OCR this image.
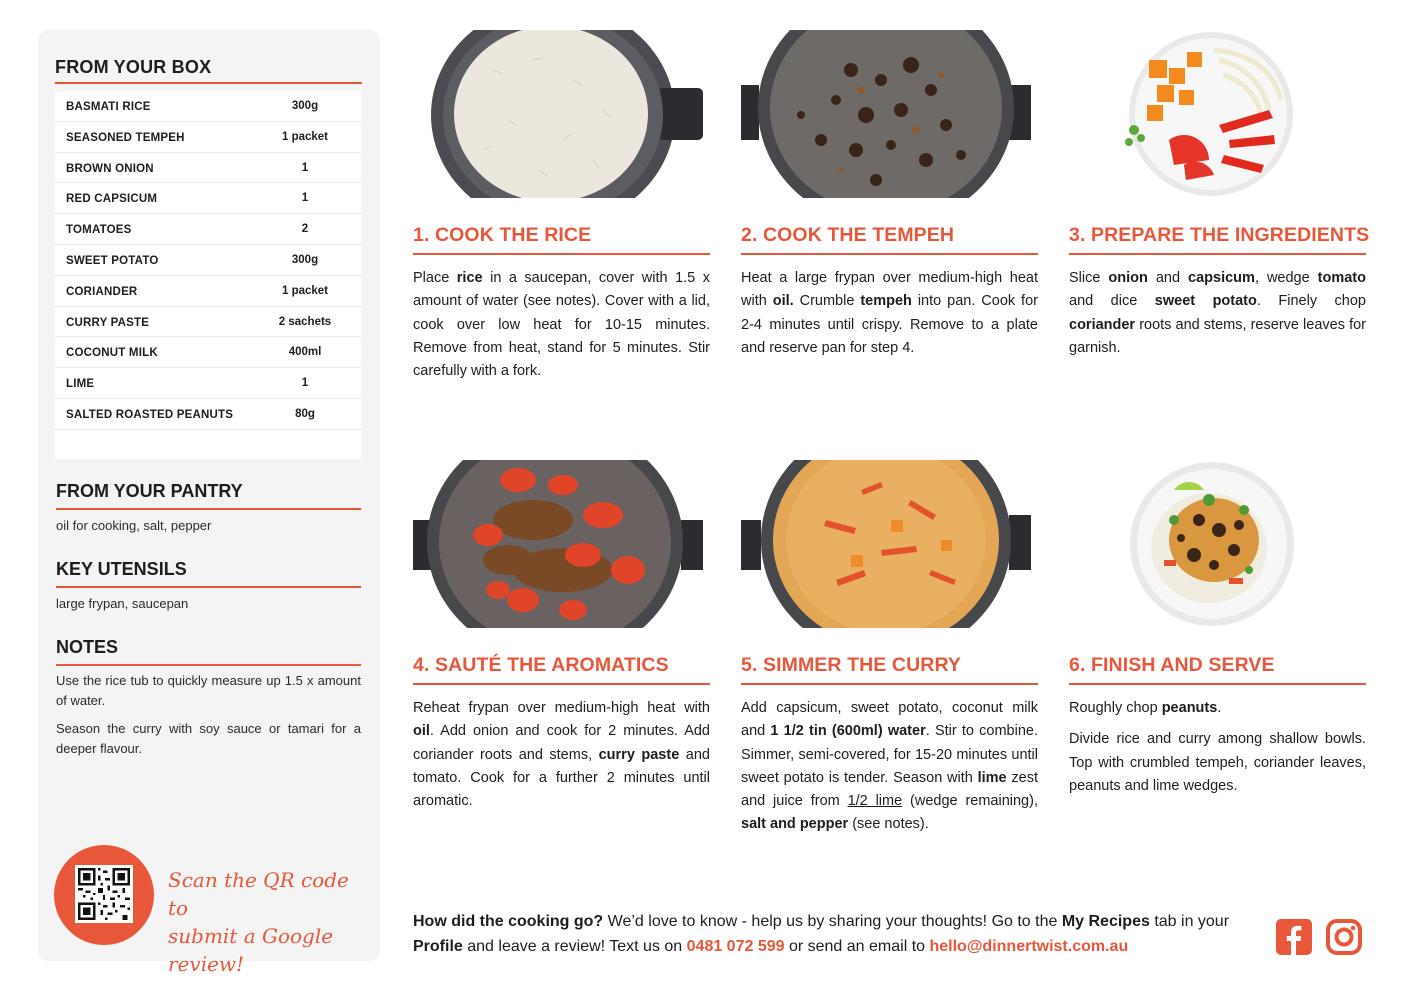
FROM YOUR BOX
BASMATI RICE	300g
SEASONED TEMPEH	1 packet
BROWN ONION	1
RED CAPSICUM	1
TOMATOES	2
SWEET POTATO	300g
CORIANDER	1 packet
CURRY PASTE	2 sachets
COCONUT MILK	400ml
LIME	1
SALTED ROASTED PEANUTS	80g
FROM YOUR PANTRY
oil for cooking, salt, pepper
KEY UTENSILS
large frypan, saucepan
NOTES
Use the rice tub to quickly measure up 1.5 x amount of water.
Season the curry with soy sauce or tamari for a deeper flavour.
Scan the QR code to
submit a Google review!
1. COOK THE RICE

Place rice in a saucepan, cover with 1.5 x amount of water (see notes). Cover with a lid, cook over low heat for 10-15 minutes. Remove from heat, stand for 5 minutes. Stir carefully with a fork.

2. COOK THE TEMPEH

Heat a large frypan over medium-high heat with oil. Crumble tempeh into pan. Cook for 2-4 minutes until crispy. Remove to a plate and reserve pan for step 4.

3. PREPARE THE INGREDIENTS

Slice onion and capsicum, wedge tomato and dice sweet potato. Finely chop coriander roots and stems, reserve leaves for garnish.

4. SAUTÉ THE AROMATICS

Reheat frypan over medium-high heat with oil. Add onion and cook for 2 minutes. Add coriander roots and stems, curry paste and tomato. Cook for a further 2 minutes until aromatic.

5. SIMMER THE CURRY

Add capsicum, sweet potato, coconut milk and 1 1/2 tin (600ml) water. Stir to combine. Simmer, semi-covered, for 15-20 minutes until sweet potato is tender. Season with lime zest and juice from 1/2 lime (wedge remaining), salt and pepper (see notes).

6. FINISH AND SERVE

Roughly chop peanuts.

Divide rice and curry among shallow bowls. Top with crumbled tempeh, coriander leaves, peanuts and lime wedges.

How did the cooking go? We’d love to know - help us by sharing your thoughts! Go to the My Recipes tab in your Profile and leave a review! Text us on 0481 072 599 or send an email to hello@dinnertwist.com.au
